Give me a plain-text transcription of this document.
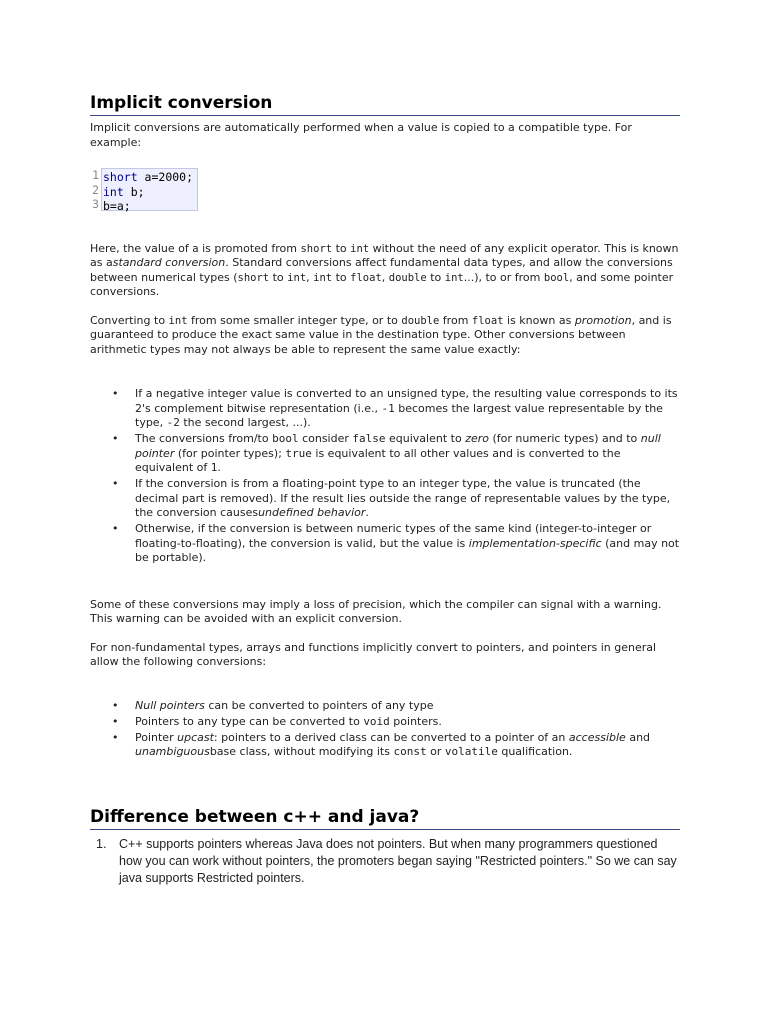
Implicit conversion

Implicit conversions are automatically performed when a value is copied to a compatible type. For example:

1
2
3
short a=2000;
int b;
b=a;

Here, the value of a is promoted from short to int without the need of any explicit operator. This is known as astandard conversion. Standard conversions affect fundamental data types, and allow the conversions between numerical types (short to int, int to float, double to int...), to or from bool, and some pointer conversions.

Converting to int from some smaller integer type, or to double from float is known as promotion, and is guaranteed to produce the exact same value in the destination type. Other conversions between arithmetic types may not always be able to represent the same value exactly:

• If a negative integer value is converted to an unsigned type, the resulting value corresponds to its 2's complement bitwise representation (i.e., -1 becomes the largest value representable by the type, -2 the second largest, ...).
• The conversions from/to bool consider false equivalent to zero (for numeric types) and to null pointer (for pointer types); true is equivalent to all other values and is converted to the equivalent of 1.
• If the conversion is from a floating-point type to an integer type, the value is truncated (the decimal part is removed). If the result lies outside the range of representable values by the type, the conversion causesundefined behavior.
• Otherwise, if the conversion is between numeric types of the same kind (integer-to-integer or floating-to-floating), the conversion is valid, but the value is implementation-specific (and may not be portable).

Some of these conversions may imply a loss of precision, which the compiler can signal with a warning. This warning can be avoided with an explicit conversion.

For non-fundamental types, arrays and functions implicitly convert to pointers, and pointers in general allow the following conversions:

• Null pointers can be converted to pointers of any type
• Pointers to any type can be converted to void pointers.
• Pointer upcast: pointers to a derived class can be converted to a pointer of an accessible and unambiguousbase class, without modifying its const or volatile qualification.
Difference between c++ and java?
1. C++ supports pointers whereas Java does not pointers. But when many programmers questioned how you can work without pointers, the promoters began saying "Restricted pointers." So we can say java supports Restricted pointers.
